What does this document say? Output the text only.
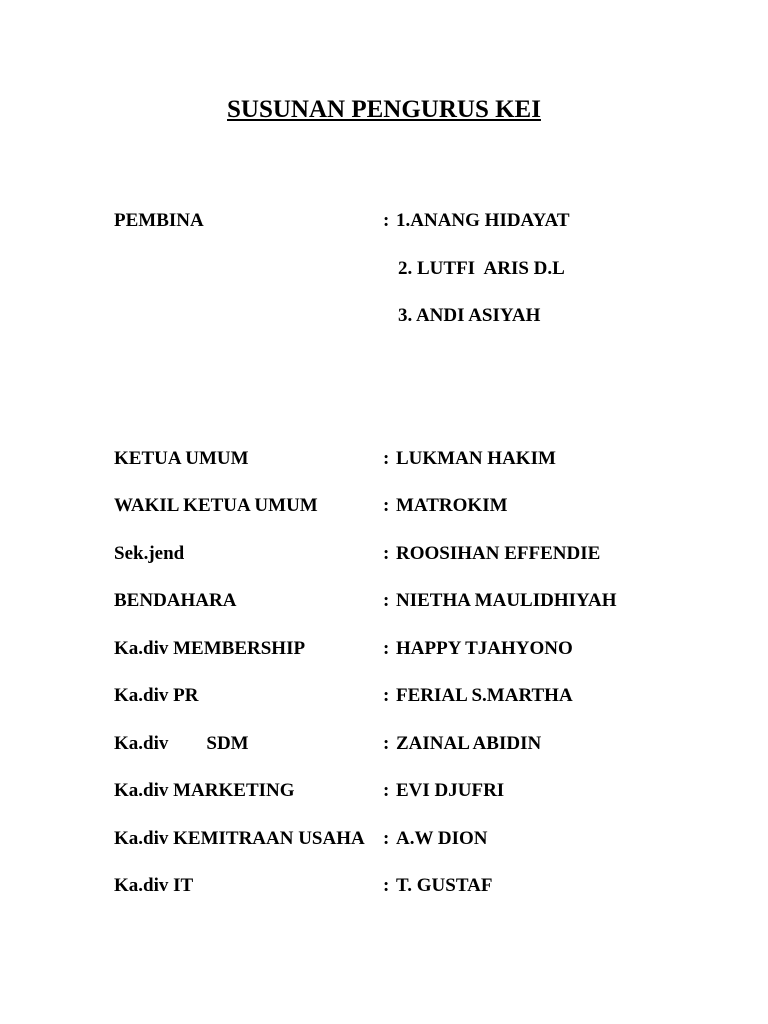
SUSUNAN PENGURUS KEI
PEMBINA	: 1.ANANG HIDAYAT
2. LUTFI  ARIS D.L
3. ANDI ASIYAH
KETUA UMUM	: LUKMAN HAKIM
WAKIL KETUA UMUM	: MATROKIM
Sek.jend	: ROOSIHAN EFFENDIE
BENDAHARA	: NIETHA MAULIDHIYAH
Ka.div MEMBERSHIP	: HAPPY TJAHYONO
Ka.div PR	: FERIAL S.MARTHA
Ka.div        SDM	: ZAINAL ABIDIN
Ka.div MARKETING	: EVI DJUFRI
Ka.div KEMITRAAN USAHA : A.W DION
Ka.div IT	: T. GUSTAF
